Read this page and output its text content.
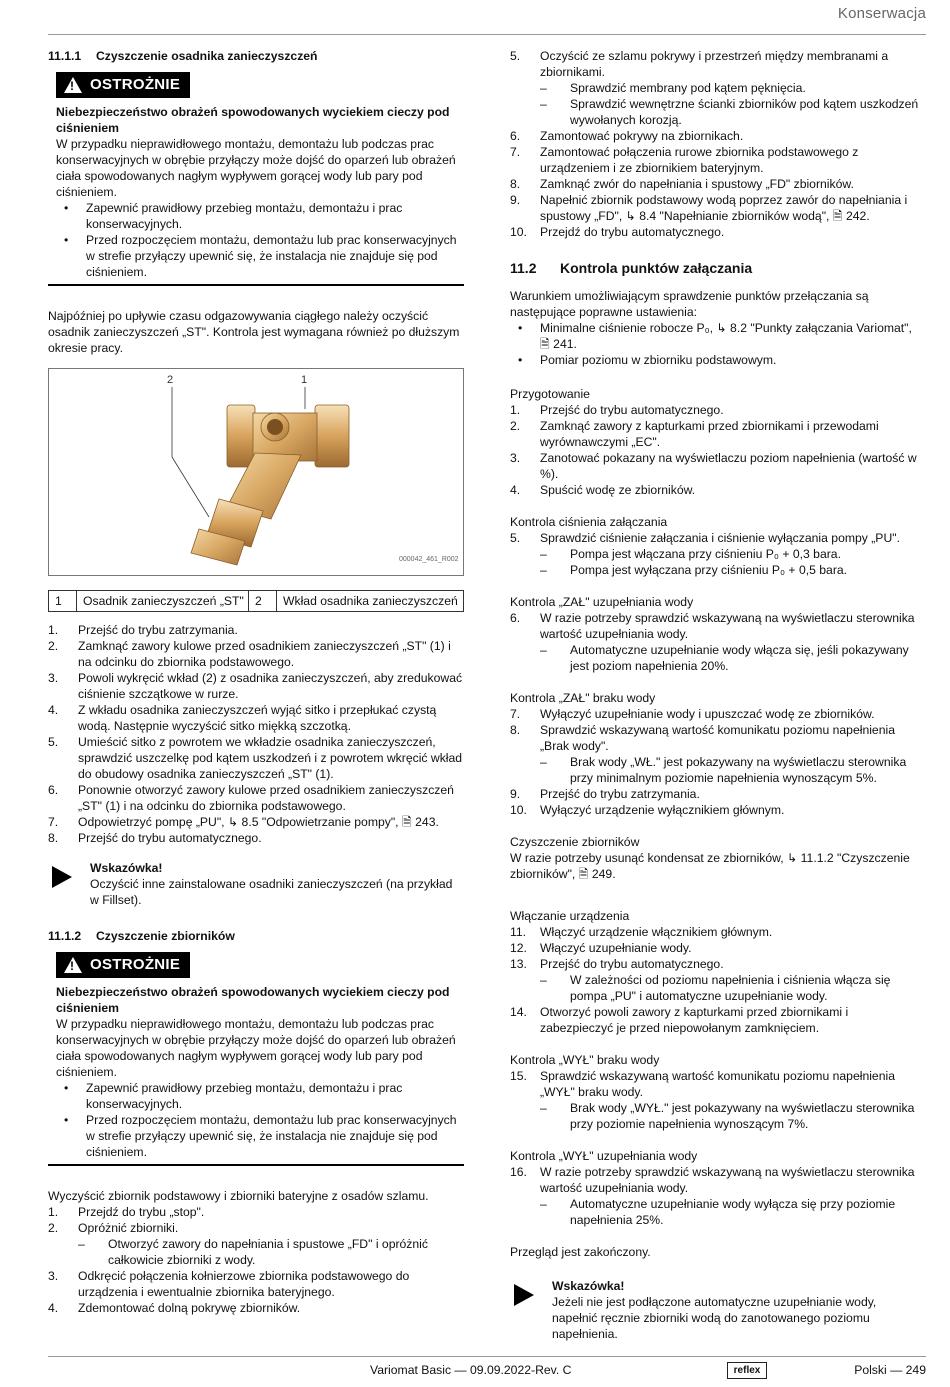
Konserwacja
11.1.1 Czyszczenie osadnika zanieczyszczeń
! OSTROŻNIE

Niebezpieczeństwo obrażeń spowodowanych wyciekiem cieczy pod ciśnieniem

W przypadku nieprawidłowego montażu, demontażu lub podczas prac konserwacyjnych w obrębie przyłączy może dojść do oparzeń lub obrażeń ciała spowodowanych nagłym wypływem gorącej wody lub pary pod ciśnieniem.

• Zapewnić prawidłowy przebieg montażu, demontażu i prac konserwacyjnych.

• Przed rozpoczęciem montażu, demontażu lub prac konserwacyjnych w strefie przyłączy upewnić się, że instalacja nie znajduje się pod ciśnieniem.

Najpóźniej po upływie czasu odgazowywania ciągłego należy oczyścić osadnik zanieczyszczeń „ST". Kontrola jest wymagana również po dłuższym okresie pracy.

2	1
000042_461_R002
1	Osadnik zanieczyszczeń „ST" 2	Wkład osadnika zanieczyszczeń
1. Przejść do trybu zatrzymania.
2. Zamknąć zawory kulowe przed osadnikiem zanieczyszczeń „ST" (1) i na odcinku do zbiornika podstawowego.
3. Powoli wykręcić wkład (2) z osadnika zanieczyszczeń, aby zredukować ciśnienie szczątkowe w rurze.
4. Z wkładu osadnika zanieczyszczeń wyjąć sitko i przepłukać czystą wodą. Następnie wyczyścić sitko miękką szczotką.
5. Umieścić sitko z powrotem we wkładzie osadnika zanieczyszczeń, sprawdzić uszczelkę pod kątem uszkodzeń i z powrotem wkręcić wkład do obudowy osadnika zanieczyszczeń „ST" (1).
6. Ponownie otworzyć zawory kulowe przed osadnikiem zanieczyszczeń „ST" (1) i na odcinku do zbiornika podstawowego.
7. Odpowietrzyć pompę „PU", ↳ 8.5 "Odpowietrzanie pompy", 🗎 243.
8. Przejść do trybu automatycznego.

Wskazówka!

Oczyścić inne zainstalowane osadniki zanieczyszczeń (na przykład w Fillset).

11.1.2 Czyszczenie zbiorników
! OSTROŻNIE

Niebezpieczeństwo obrażeń spowodowanych wyciekiem cieczy pod ciśnieniem

W przypadku nieprawidłowego montażu, demontażu lub podczas prac konserwacyjnych w obrębie przyłączy może dojść do oparzeń lub obrażeń ciała spowodowanych nagłym wypływem gorącej wody lub pary pod ciśnieniem.

• Zapewnić prawidłowy przebieg montażu, demontażu i prac konserwacyjnych.

• Przed rozpoczęciem montażu, demontażu lub prac konserwacyjnych w strefie przyłączy upewnić się, że instalacja nie znajduje się pod ciśnieniem.

Wyczyścić zbiornik podstawowy i zbiorniki bateryjne z osadów szlamu.

1. Przejdź do trybu „stop".
2. Opróżnić zbiorniki.
– Otworzyć zawory do napełniania i spustowe „FD" i opróżnić całkowicie zbiorniki z wody.
3. Odkręcić połączenia kołnierzowe zbiornika podstawowego do urządzenia i ewentualnie zbiornika bateryjnego.
4. Zdemontować dolną pokrywę zbiorników.
5. Oczyścić ze szlamu pokrywy i przestrzeń między membranami a zbiornikami.
– Sprawdzić membrany pod kątem pęknięcia.
– Sprawdzić wewnętrzne ścianki zbiorników pod kątem uszkodzeń wywołanych korozją.
6. Zamontować pokrywy na zbiornikach.
7. Zamontować połączenia rurowe zbiornika podstawowego z urządzeniem i ze zbiornikiem bateryjnym.
8. Zamknąć zwór do napełniania i spustowy „FD" zbiorników.
9. Napełnić zbiornik podstawowy wodą poprzez zawór do napełniania i spustowy „FD", ↳ 8.4 "Napełnianie zbiorników wodą", 🗎 242.
10. Przejdź do trybu automatycznego.
11.2 Kontrola punktów załączania

Warunkiem umożliwiającym sprawdzenie punktów przełączania są następujące poprawne ustawienia:

• Minimalne ciśnienie robocze P₀, ↳ 8.2 "Punkty załączania Variomat", 🗎 241.

• Pomiar poziomu w zbiorniku podstawowym.

Przygotowanie

1. Przejść do trybu automatycznego.
2. Zamknąć zawory z kapturkami przed zbiornikami i przewodami wyrównawczymi „EC".
3. Zanotować pokazany na wyświetlaczu poziom napełnienia (wartość w %).
4. Spuścić wodę ze zbiorników.

Kontrola ciśnienia załączania

5. Sprawdzić ciśnienie załączania i ciśnienie wyłączania pompy „PU".
– Pompa jest włączana przy ciśnieniu P₀ + 0,3 bara.
– Pompa jest wyłączana przy ciśnieniu P₀ + 0,5 bara.

Kontrola „ZAŁ" uzupełniania wody

6. W razie potrzeby sprawdzić wskazywaną na wyświetlaczu sterownika wartość uzupełniania wody.
– Automatyczne uzupełnianie wody włącza się, jeśli pokazywany jest poziom napełnienia 20%.

Kontrola „ZAŁ" braku wody

7. Wyłączyć uzupełnianie wody i upuszczać wodę ze zbiorników.
8. Sprawdzić wskazywaną wartość komunikatu poziomu napełnienia „Brak wody".
– Brak wody „WŁ." jest pokazywany na wyświetlaczu sterownika przy minimalnym poziomie napełnienia wynoszącym 5%.
9. Przejść do trybu zatrzymania.
10. Wyłączyć urządzenie wyłącznikiem głównym.

Czyszczenie zbiorników

W razie potrzeby usunąć kondensat ze zbiorników, ↳ 11.1.2 "Czyszczenie zbiorników", 🗎 249.

Włączanie urządzenia

11. Włączyć urządzenie włącznikiem głównym.
12. Włączyć uzupełnianie wody.
13. Przejść do trybu automatycznego.
– W zależności od poziomu napełnienia i ciśnienia włącza się pompa „PU" i automatyczne uzupełnianie wody.
14. Otworzyć powoli zawory z kapturkami przed zbiornikami i zabezpieczyć je przed niepowołanym zamknięciem.

Kontrola „WYŁ" braku wody

15. Sprawdzić wskazywaną wartość komunikatu poziomu napełnienia „WYŁ" braku wody.
– Brak wody „WYŁ." jest pokazywany na wyświetlaczu sterownika przy poziomie napełnienia wynoszącym 7%.

Kontrola „WYŁ" uzupełniania wody

16. W razie potrzeby sprawdzić wskazywaną na wyświetlaczu sterownika wartość uzupełniania wody.
– Automatyczne uzupełnianie wody wyłącza się przy poziomie napełnienia 25%.

Przegląd jest zakończony.

Wskazówka!

Jeżeli nie jest podłączone automatyczne uzupełnianie wody, napełnić ręcznie zbiorniki wodą do zanotowanego poziomu napełnienia.

Variomat Basic — 09.09.2022-Rev. C	reflex	Polski — 249
